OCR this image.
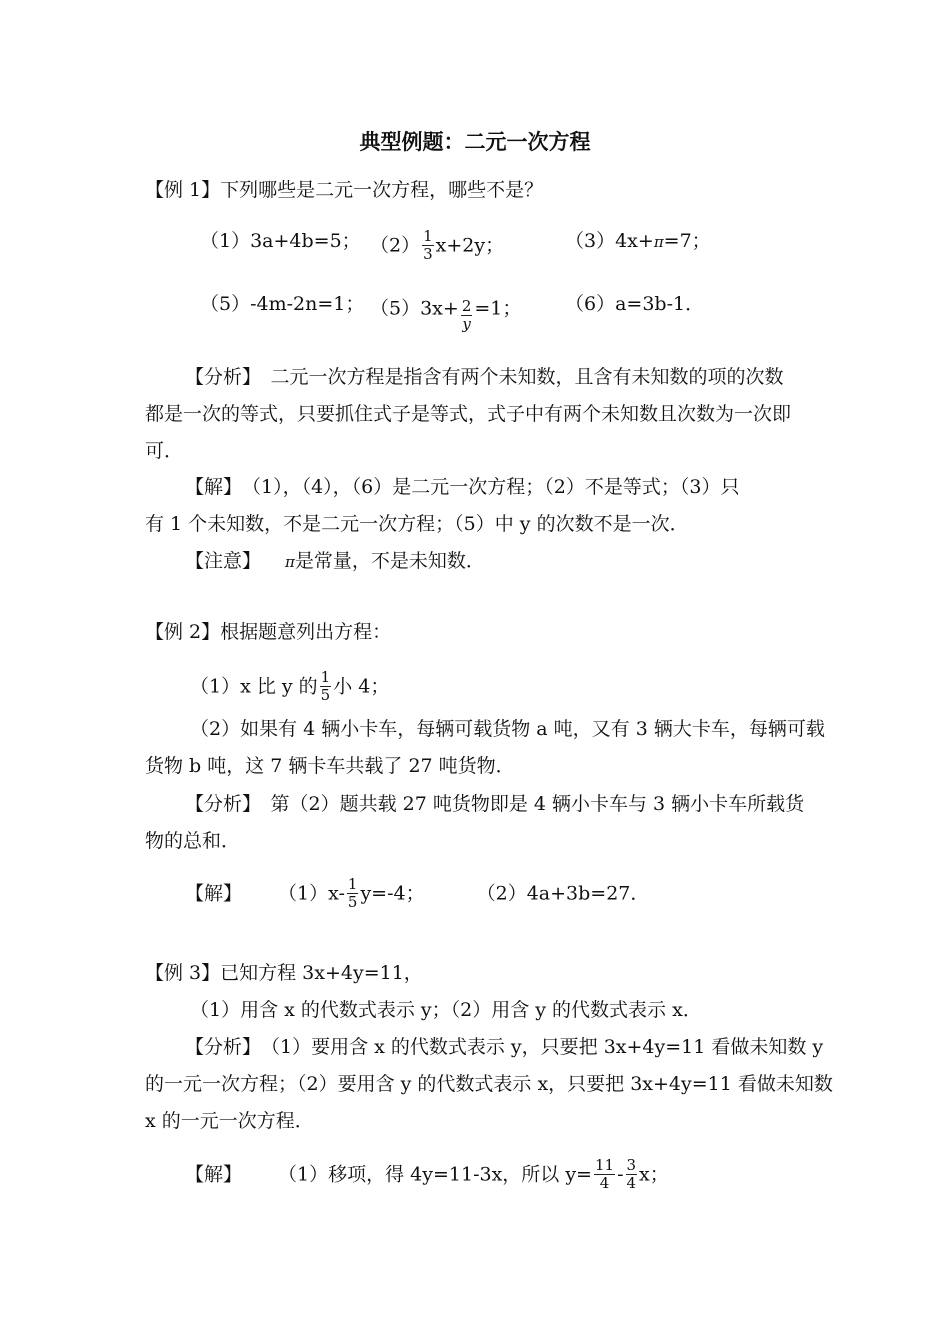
典型例题：二元一次方程
【例 1】下列哪些是二元一次方程，哪些不是？
（1）3a+4b=5； $(2) \frac{1}{3} x+2y$；	（3）4x+π=7；
（5）-4m-2n=1； $(5)3x+ \frac{2}{y} =1$； （6）a=3b-1．
【分析】　二元一次方程是指含有两个未知数，且含有未知数的项的次数
都是一次的等式，只要抓住式子是等式，式子中有两个未知数且次数为一次即
可．
【解】　（1），（4），（6）是二元一次方程；（2）不是等式；（3）只
有 1 个未知数，不是二元一次方程；（5）中 y 的次数不是一次．
【注意】 π是常量，不是未知数．
【例 2】根据题意列出方程：
（1）x 比 y 的 $\frac{1}{5}$ 小 4；
（2）如果有 4 辆小卡车，每辆可载货物 a 吨，又有 3 辆大卡车，每辆可载
货物 b 吨，这 7 辆卡车共载了 27 吨货物．
【分析】　第（2）题共载 27 吨货物即是 4 辆小卡车与 3 辆小卡车所载货
物的总和．
【解】 $(1)x- \frac{1}{5} y=-4$；	（2）4a+3b=27．
【例 3】已知方程 3x+4y=11，
（1）用含 x 的代数式表示 y；（2）用含 y 的代数式表示 x．
【分析】　（1）要用含 x 的代数式表示 y，只要把 3x+4y=11 看做未知数 y
的一元一次方程；（2）要用含 y 的代数式表示 x，只要把 3x+4y=11 看做未知数
x 的一元一次方程．
【解】 （1）移项，得 4y=11-3x，所以 $y= \frac{11}{4} - \frac{3}{4}$ x；
